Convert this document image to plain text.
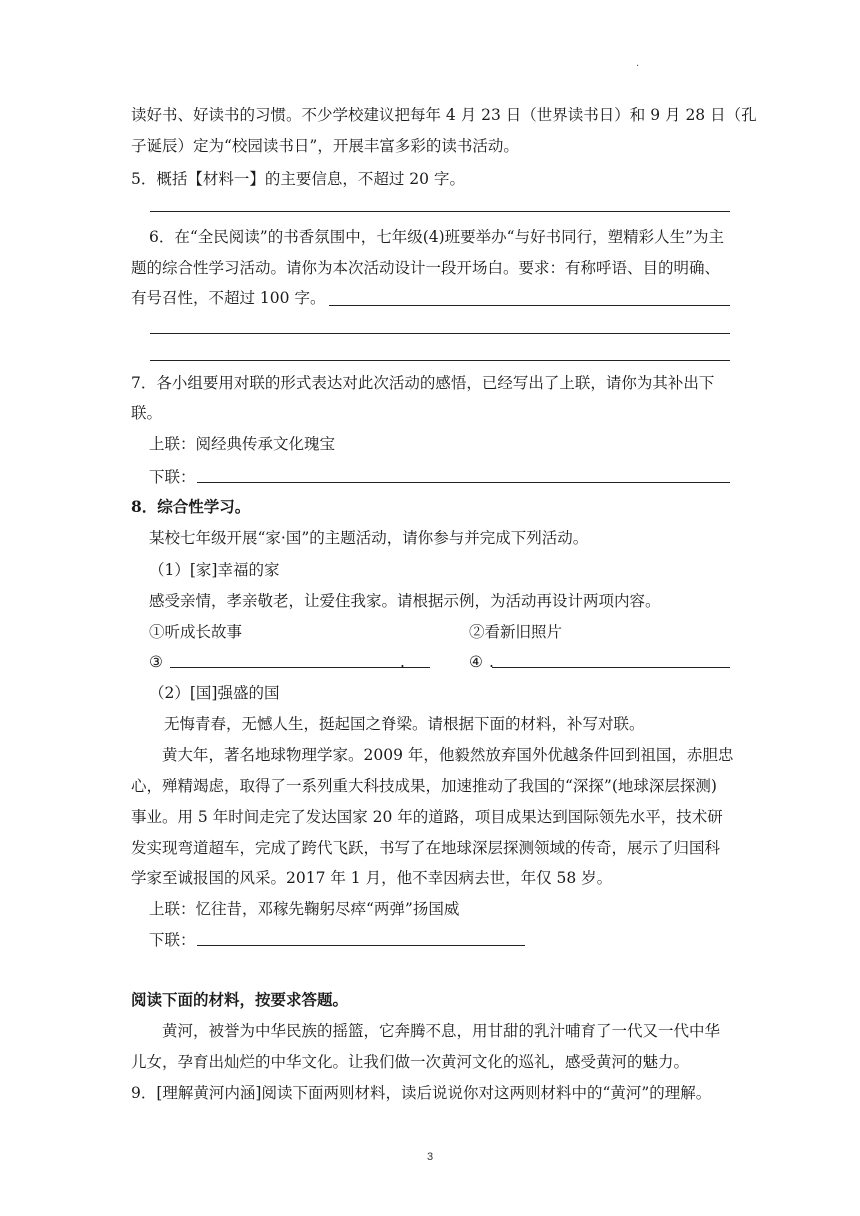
.
读好书、好读书的习惯。不少学校建议把每年 4 月 23 日（世界读书日）和 9 月 28 日（孔
子诞辰）定为“校园读书日”，开展丰富多彩的读书活动。
5．概括【材料一】的主要信息，不超过 20 字。
6．在“全民阅读”的书香氛围中，七年级(4)班要举办“与好书同行，塑精彩人生”为主
题的综合性学习活动。请你为本次活动设计一段开场白。要求：有称呼语、目的明确、
有号召性，不超过 100 字。
7．各小组要用对联的形式表达对此次活动的感悟，已经写出了上联，请你为其补出下
联。
上联：阅经典传承文化瑰宝
下联：
8．综合性学习。
某校七年级开展“家·国”的主题活动，请你参与并完成下列活动。
（1）[家]幸福的家
感受亲情，孝亲敬老，让爱住我家。请根据示例，为活动再设计两项内容。
①听成长故事	②看新旧照片
③	.	④ .
（2）[国]强盛的国
无悔青春，无憾人生，挺起国之脊梁。请根据下面的材料，补写对联。
黄大年，著名地球物理学家。2009 年，他毅然放弃国外优越条件回到祖国，赤胆忠
心，殚精竭虑，取得了一系列重大科技成果，加速推动了我国的“深探”(地球深层探测)
事业。用 5 年时间走完了发达国家 20 年的道路，项目成果达到国际领先水平，技术研
发实现弯道超车，完成了跨代飞跃，书写了在地球深层探测领域的传奇，展示了归国科
学家至诚报国的风采。2017 年 1 月，他不幸因病去世，年仅 58 岁。
上联：忆往昔，邓稼先鞠躬尽瘁“两弹”扬国威
下联：
阅读下面的材料，按要求答题。
黄河，被誉为中华民族的摇篮，它奔腾不息，用甘甜的乳汁哺育了一代又一代中华
儿女，孕育出灿烂的中华文化。让我们做一次黄河文化的巡礼，感受黄河的魅力。
9．[理解黄河内涵]阅读下面两则材料，读后说说你对这两则材料中的“黄河”的理解。
3
